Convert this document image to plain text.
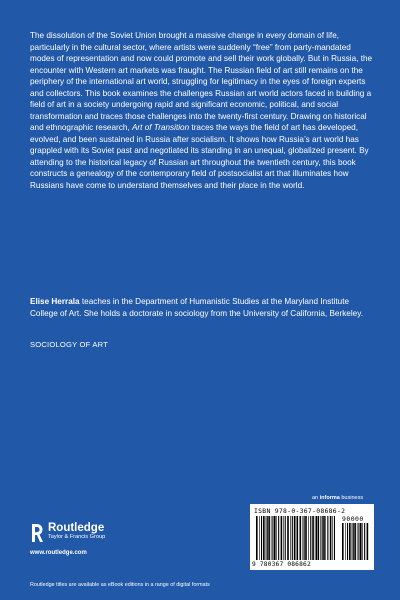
The dissolution of the Soviet Union brought a massive change in every domain of life, particularly in the cultural sector, where artists were suddenly “free” from party-mandated modes of representation and now could promote and sell their work globally. But in Russia, the encounter with Western art markets was fraught. The Russian field of art still remains on the periphery of the international art world, struggling for legitimacy in the eyes of foreign experts and collectors. This book examines the challenges Russian art world actors faced in building a field of art in a society undergoing rapid and significant economic, political, and social transformation and traces those challenges into the twenty-first century. Drawing on historical and ethnographic research, Art of Transition traces the ways the field of art has developed, evolved, and been sustained in Russia after socialism. It shows how Russia’s art world has grappled with its Soviet past and negotiated its standing in an unequal, globalized present. By attending to the historical legacy of Russian art throughout the twentieth century, this book constructs a genealogy of the contemporary field of postsocialist art that illuminates how Russians have come to understand themselves and their place in the world.

Elise Herrala teaches in the Department of Humanistic Studies at the Maryland Institute College of Art. She holds a doctorate in sociology from the University of California, Berkeley.

SOCIOLOGY OF ART

an informa business

Routledge
Taylor & Francis Group
www.routledge.com
Routledge titles are available as eBook editions in a range of digital formats
ISBN 978-0-367-08686-2
90000
9 780367 086862
